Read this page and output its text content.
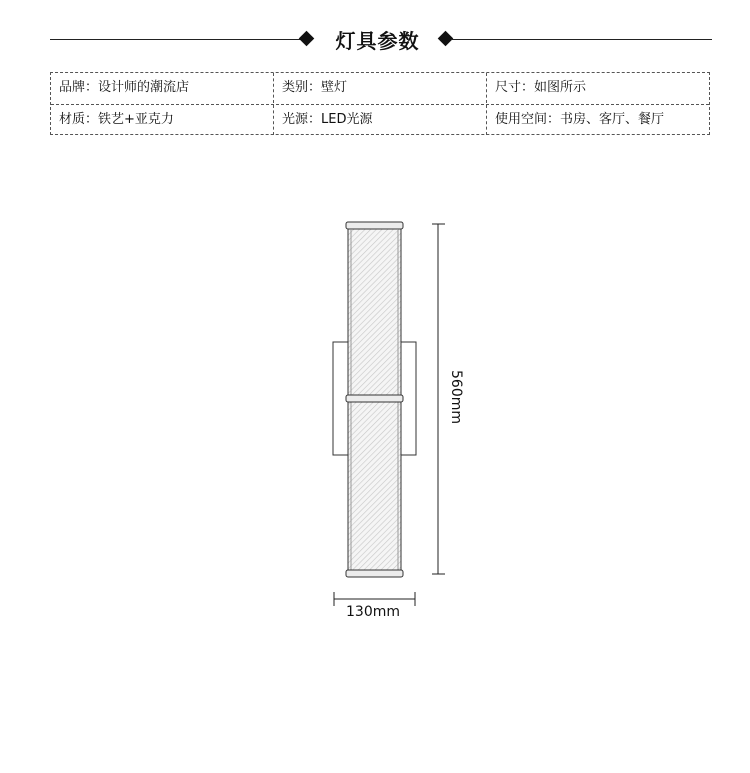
灯具参数
品牌：设计师的潮流店	类别：壁灯	尺寸：如图所示
材质：铁艺+亚克力	光源：LED光源	使用空间：书房、客厅、餐厅
560mm
130mm
